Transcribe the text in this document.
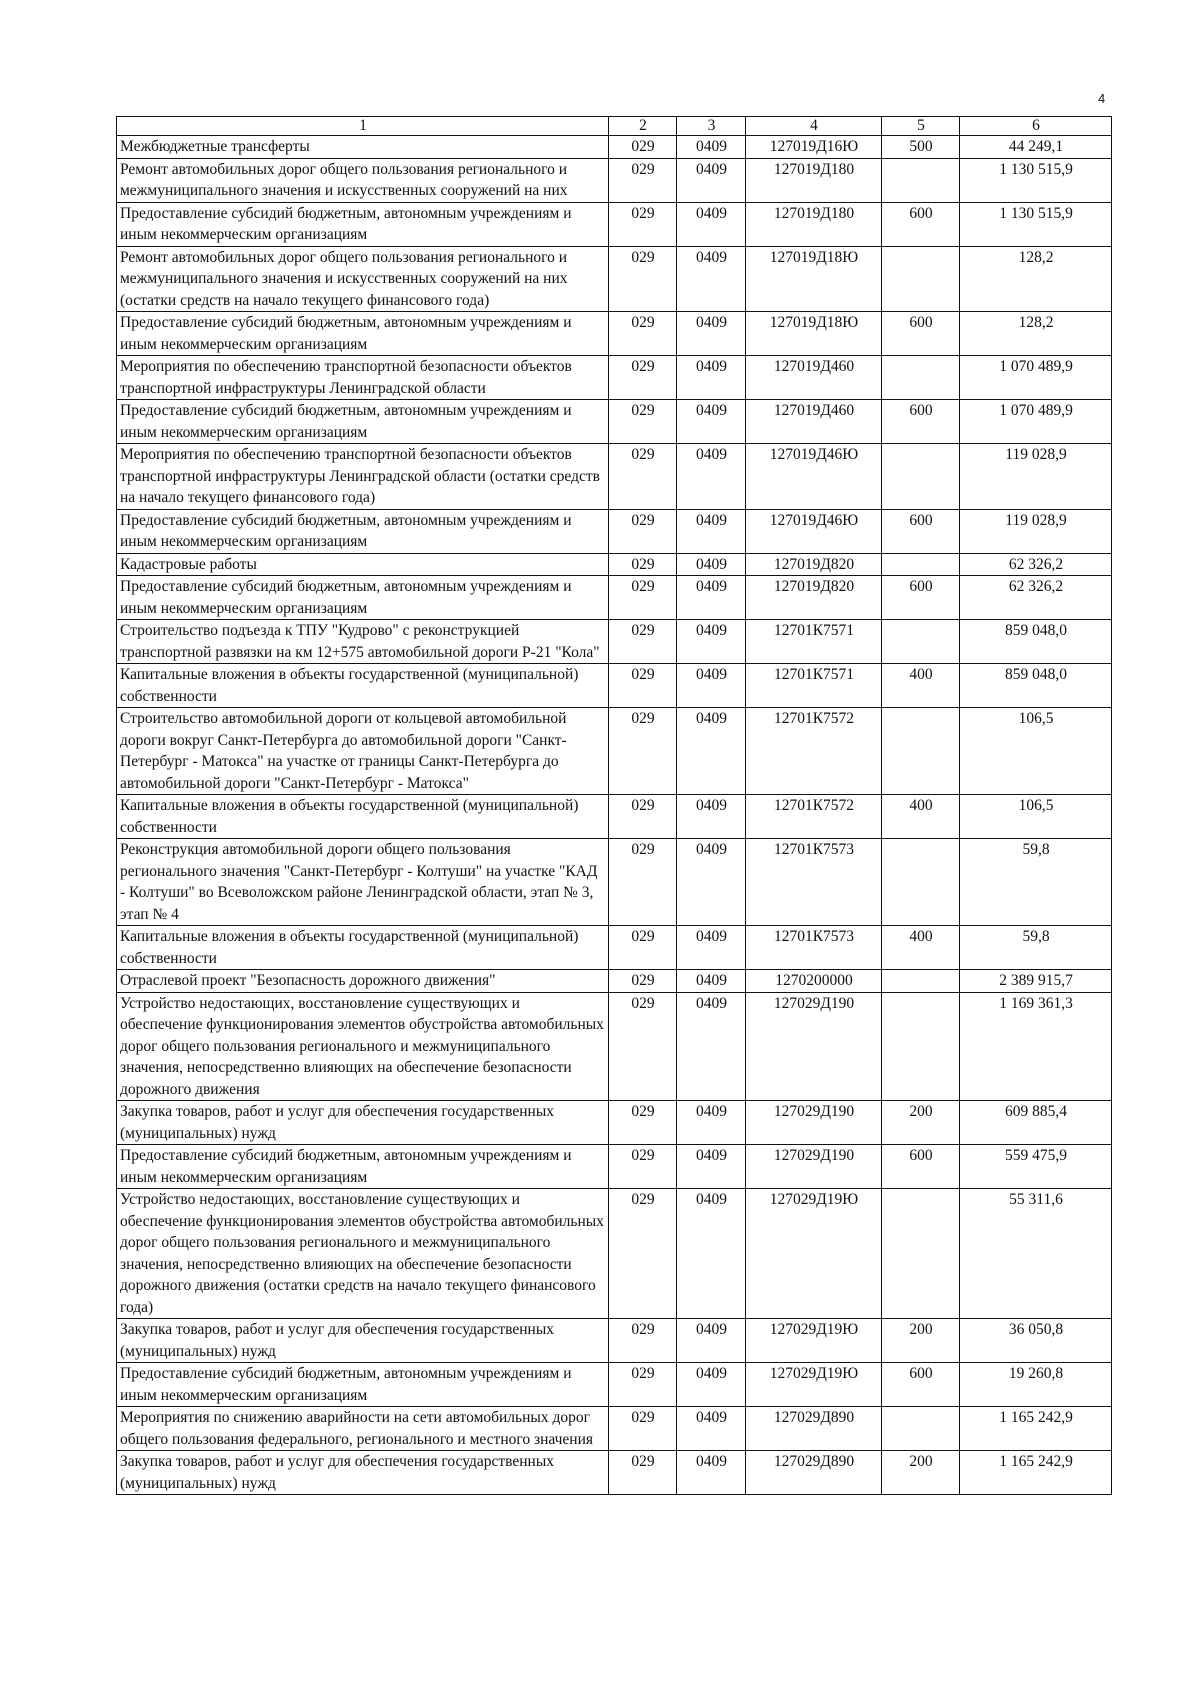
4
1	2	3	4	5	6
Межбюджетные трансферты	029	0409	127019Д16Ю	500	44 249,1
Ремонт автомобильных дорог общего пользования регионального и межмуниципального значения и искусственных сооружений на них	029	0409	127019Д180		1 130 515,9
Предоставление субсидий бюджетным, автономным учреждениям и иным некоммерческим организациям	029	0409	127019Д180	600	1 130 515,9
Ремонт автомобильных дорог общего пользования регионального и межмуниципального значения и искусственных сооружений на них (остатки средств на начало текущего финансового года)	029	0409	127019Д18Ю		128,2
Предоставление субсидий бюджетным, автономным учреждениям и иным некоммерческим организациям	029	0409	127019Д18Ю	600	128,2
Мероприятия по обеспечению транспортной безопасности объектов транспортной инфраструктуры Ленинградской области	029	0409	127019Д460		1 070 489,9
Предоставление субсидий бюджетным, автономным учреждениям и иным некоммерческим организациям	029	0409	127019Д460	600	1 070 489,9
Мероприятия по обеспечению транспортной безопасности объектов транспортной инфраструктуры Ленинградской области (остатки средств на начало текущего финансового года)	029	0409	127019Д46Ю		119 028,9
Предоставление субсидий бюджетным, автономным учреждениям и иным некоммерческим организациям	029	0409	127019Д46Ю	600	119 028,9
Кадастровые работы	029	0409	127019Д820		62 326,2
Предоставление субсидий бюджетным, автономным учреждениям и иным некоммерческим организациям	029	0409	127019Д820	600	62 326,2
Строительство подъезда к ТПУ "Кудрово" с реконструкцией транспортной развязки на км 12+575 автомобильной дороги Р-21 "Кола"	029	0409	12701К7571		859 048,0
Капитальные вложения в объекты государственной (муниципальной) собственности	029	0409	12701К7571	400	859 048,0
Строительство автомобильной дороги от кольцевой автомобильной дороги вокруг Санкт-Петербурга до автомобильной дороги "Санкт-Петербург - Матокса" на участке от границы Санкт-Петербурга до автомобильной дороги "Санкт-Петербург - Матокса"	029	0409	12701К7572		106,5
Капитальные вложения в объекты государственной (муниципальной) собственности	029	0409	12701К7572	400	106,5
Реконструкция автомобильной дороги общего пользования регионального значения "Санкт-Петербург - Колтуши" на участке "КАД - Колтуши" во Всеволожском районе Ленинградской области, этап № 3, этап № 4	029	0409	12701К7573		59,8
Капитальные вложения в объекты государственной (муниципальной) собственности	029	0409	12701К7573	400	59,8
Отраслевой проект "Безопасность дорожного движения"	029	0409	1270200000		2 389 915,7
Устройство недостающих, восстановление существующих и обеспечение функционирования элементов обустройства автомобильных дорог общего пользования регионального и межмуниципального значения, непосредственно влияющих на обеспечение безопасности дорожного движения	029	0409	127029Д190		1 169 361,3
Закупка товаров, работ и услуг для обеспечения государственных (муниципальных) нужд	029	0409	127029Д190	200	609 885,4
Предоставление субсидий бюджетным, автономным учреждениям и иным некоммерческим организациям	029	0409	127029Д190	600	559 475,9
Устройство недостающих, восстановление существующих и обеспечение функционирования элементов обустройства автомобильных дорог общего пользования регионального и межмуниципального значения, непосредственно влияющих на обеспечение безопасности дорожного движения (остатки средств на начало текущего финансового года)	029	0409	127029Д19Ю		55 311,6
Закупка товаров, работ и услуг для обеспечения государственных (муниципальных) нужд	029	0409	127029Д19Ю	200	36 050,8
Предоставление субсидий бюджетным, автономным учреждениям и иным некоммерческим организациям	029	0409	127029Д19Ю	600	19 260,8
Мероприятия по снижению аварийности на сети автомобильных дорог общего пользования федерального, регионального и местного значения	029	0409	127029Д890		1 165 242,9
Закупка товаров, работ и услуг для обеспечения государственных (муниципальных) нужд	029	0409	127029Д890	200	1 165 242,9
